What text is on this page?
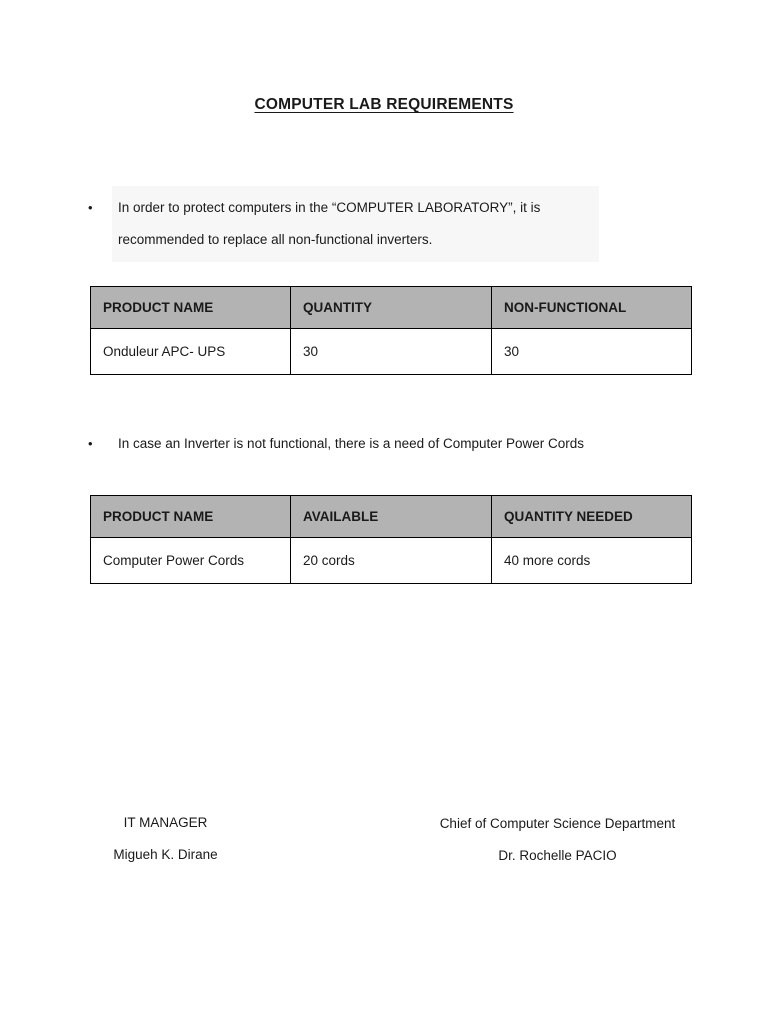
COMPUTER LAB REQUIREMENTS
•	In order to protect computers in the “COMPUTER LABORATORY”, it is recommended to replace all non-functional inverters.
PRODUCT NAME	QUANTITY	NON-FUNCTIONAL
Onduleur APC- UPS	30	30
•	In case an Inverter is not functional, there is a need of Computer Power Cords
PRODUCT NAME	AVAILABLE	QUANTITY NEEDED
Computer Power Cords	20 cords	40 more cords
IT MANAGER
Migueh K. Dirane
Chief of Computer Science Department
Dr. Rochelle PACIO
